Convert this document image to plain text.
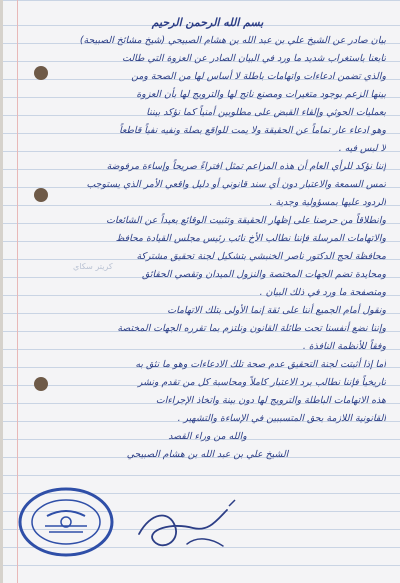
بسم الله الرحمن الرحيم

بيان صادر عن الشيخ علي بن عبد الله بن هشام الصبيحي (شيخ مشائخ الصبيحة)

تابعنا باستغراب شديد ما ورد في البيان الصادر عن العزوة التي طالت

والذي تضمن ادعاءات واتهامات باطلة لا أساس لها من الصحة ومن

بينها الزعم بوجود متغيرات ومصنع ناتج لها والترويج لها بأن العزوة

بعمليات الحوثي وإلقاء القبض على مطلوبين أمنياً كما نؤكد بيننا

وهو ادعاء عار تماماً عن الحقيقة ولا يمت للواقع بصلة ونفيه نفياً قاطعاً

لا لبس فيه .

إننا نؤكد للرأي العام أن هذه المزاعم تمثل افتراءً صريحاً وإساءة مرفوضة

تمس السمعة والاعتبار دون أي سند قانوني أو دليل واقعي الأمر الذي يستوجب

الردود عليها بمسؤولية وجدية .

وانطلاقاً من حرصنا على إظهار الحقيقة وتثبيت الوقائع بعيداً عن الشائعات

والاتهامات المرسلة فإننا نطالب الأخ نائب رئيس مجلس القيادة محافظ

محافظة لحج الدكتور ناصر الخنبشي بتشكيل لجنة تحقيق مشتركة

ومحايدة تضم الجهات المختصة والنزول الميدان وتقصي الحقائق

ومتصفحة ما ورد في ذلك البيان .

ونقول أمام الجميع أننا على ثقة إنما الأولى بتلك الاتهامات

وإننا نضع أنفسنا تحت طائلة القانون ونلتزم بما تقرره الجهات المختصة

وفقاً للأنظمة النافذة .

أما إذا أثبتت لجنة التحقيق عدم صحة تلك الادعاءات وهو ما نثق به

تاريخياً فإننا نطالب برد الاعتبار كاملاً ومحاسبة كل من تقدم ونشر

هذه الاتهامات الباطلة والترويج لها دون بينة واتخاذ الإجراءات

القانونية اللازمة بحق المتسببين في الإساءة والتشهير .

والله من وراء القصد

الشيخ علي بن عبد الله بن هشام الصبيحي

كريتر سكاي
